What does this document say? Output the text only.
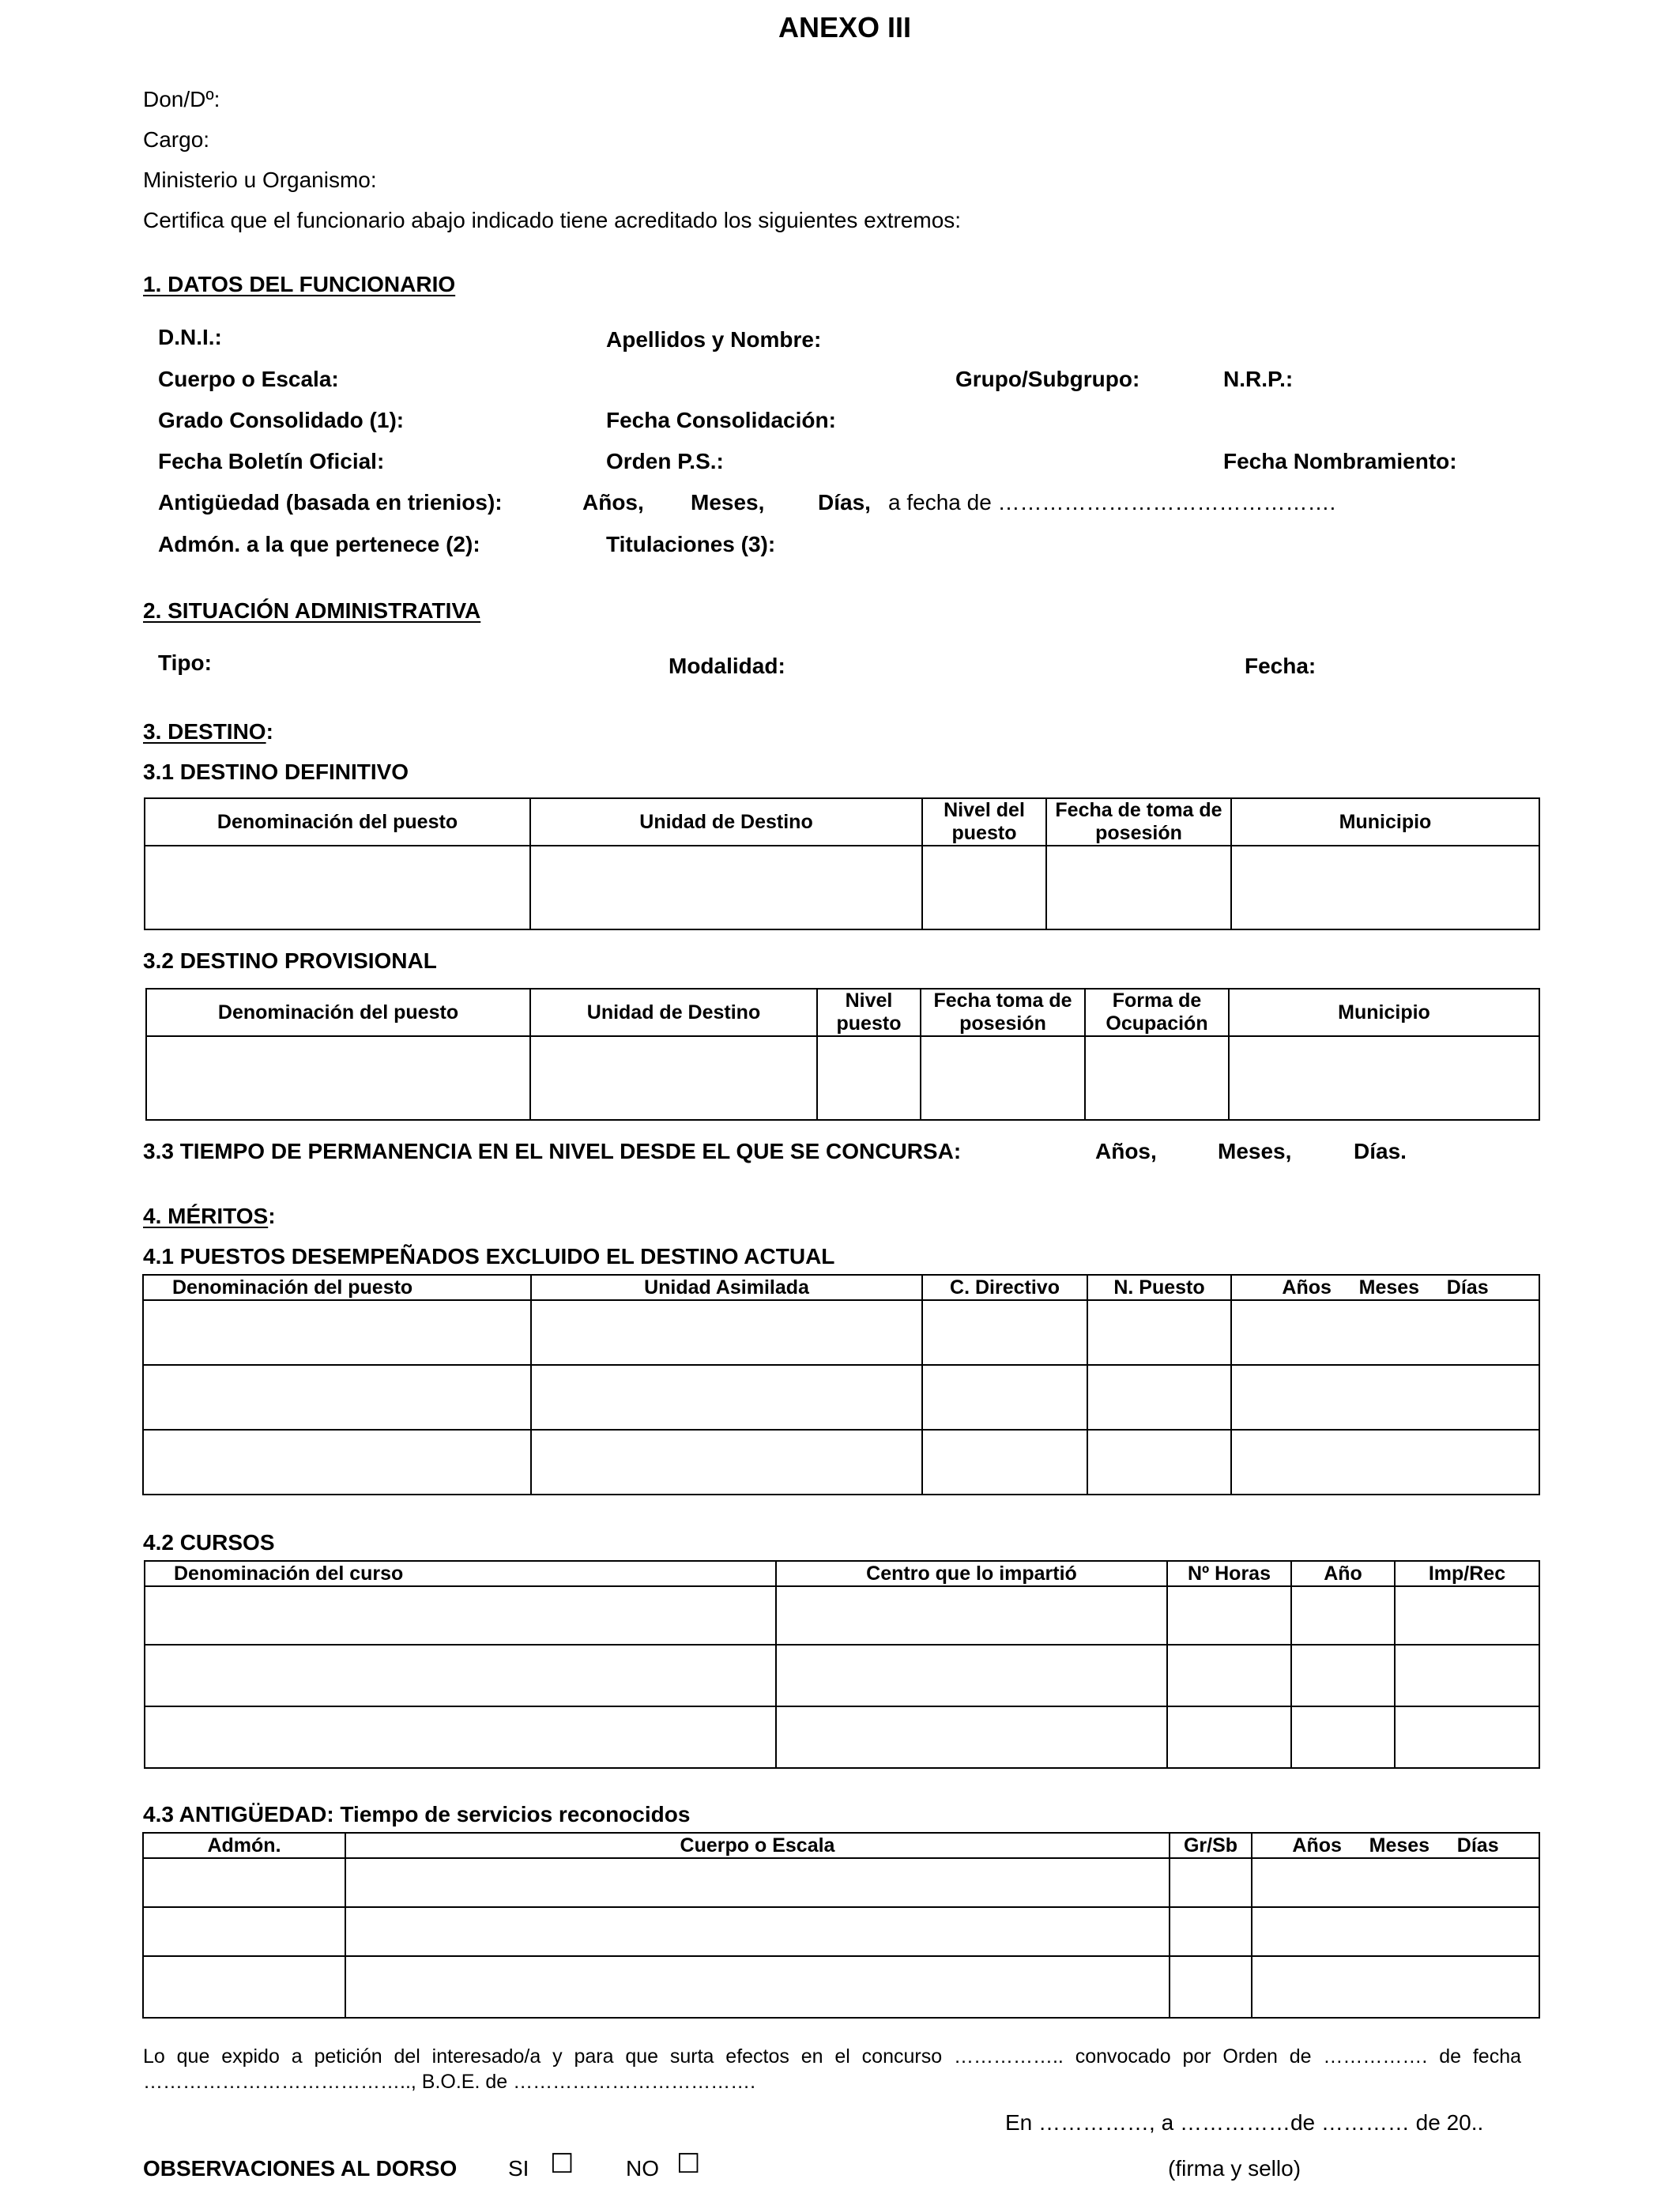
ANEXO III
Don/Dº:
Cargo:
Ministerio u Organismo:
Certifica que el funcionario abajo indicado tiene acreditado los siguientes extremos:
1. DATOS DEL FUNCIONARIO
D.N.I.:	Apellidos y Nombre:
Cuerpo o Escala:	Grupo/Subgrupo:	N.R.P.:
Grado Consolidado (1):	Fecha Consolidación:
Fecha Boletín Oficial:	Orden P.S.:	Fecha Nombramiento:
Antigüedad (basada en trienios):	Años, Meses, Días, a fecha de ……………………………………….
Admón. a la que pertenece (2):	Titulaciones (3):
2. SITUACIÓN ADMINISTRATIVA
Tipo:	Modalidad:	Fecha:
3. DESTINO:
3.1 DESTINO DEFINITIVO
Denominación del puesto	Unidad de Destino	Nivel del puesto	Fecha de toma de posesión	Municipio

3.2 DESTINO PROVISIONAL
Denominación del puesto	Unidad de Destino	Nivel puesto	Fecha toma de posesión	Forma de Ocupación	Municipio

3.3 TIEMPO DE PERMANENCIA EN EL NIVEL DESDE EL QUE SE CONCURSA:	Años,	Meses,	Días.
4. MÉRITOS:
4.1 PUESTOS DESEMPEÑADOS EXCLUIDO EL DESTINO ACTUAL
Denominación del puesto	Unidad Asimilada	C. Directivo	N. Puesto	Años     Meses     Días

4.2 CURSOS
Denominación del curso	Centro que lo impartió	Nº Horas	Año	Imp/Rec

4.3 ANTIGÜEDAD: Tiempo de servicios reconocidos
Admón.	Cuerpo o Escala	Gr/Sb	Años     Meses     Días

Lo que expido a petición del interesado/a y para que surta efectos en el concurso …………….. convocado por Orden de ……………. de fecha
………………………………….., B.O.E. de ……………………………….
En ……………, a ……………de ………… de 20..
OBSERVACIONES AL DORSO SI ☐ NO ☐	(firma y sello)
